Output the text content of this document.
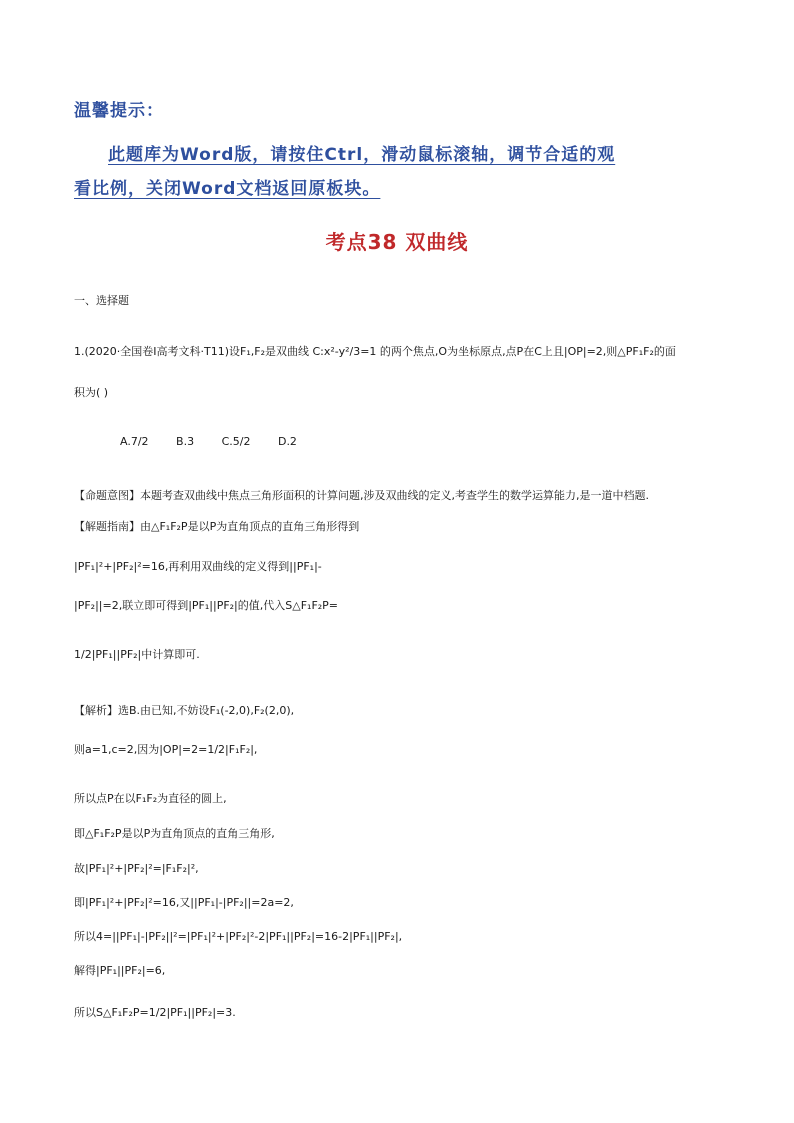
温馨提示：
此题库为Word版，请按住Ctrl，滑动鼠标滚轴，调节合适的观
看比例，关闭Word文档返回原板块。
考点38 双曲线
一、选择题
1.(2020·全国卷Ⅰ高考文科·T11)设F₁,F₂是双曲线 C:x²-y²/3=1 的两个焦点,O为坐标原点,点P在C上且|OP|=2,则△PF₁F₂的面
积为( )
A.7/2	B.3	C.5/2	D.2
【命题意图】本题考查双曲线中焦点三角形面积的计算问题,涉及双曲线的定义,考查学生的数学运算能力,是一道中档题.
【解题指南】由△F₁F₂P是以P为直角顶点的直角三角形得到
|PF₁|²+|PF₂|²=16,再利用双曲线的定义得到||PF₁|-
|PF₂||=2,联立即可得到|PF₁||PF₂|的值,代入S△F₁F₂P=
1/2|PF₁||PF₂|中计算即可.
【解析】选B.由已知,不妨设F₁(-2,0),F₂(2,0),
则a=1,c=2,因为|OP|=2=1/2|F₁F₂|,
所以点P在以F₁F₂为直径的圆上,
即△F₁F₂P是以P为直角顶点的直角三角形,
故|PF₁|²+|PF₂|²=|F₁F₂|²,
即|PF₁|²+|PF₂|²=16,又||PF₁|-|PF₂||=2a=2,
所以4=||PF₁|-|PF₂||²=|PF₁|²+|PF₂|²-2|PF₁||PF₂|=16-2|PF₁||PF₂|,
解得|PF₁||PF₂|=6,
所以S△F₁F₂P=1/2|PF₁||PF₂|=3.
